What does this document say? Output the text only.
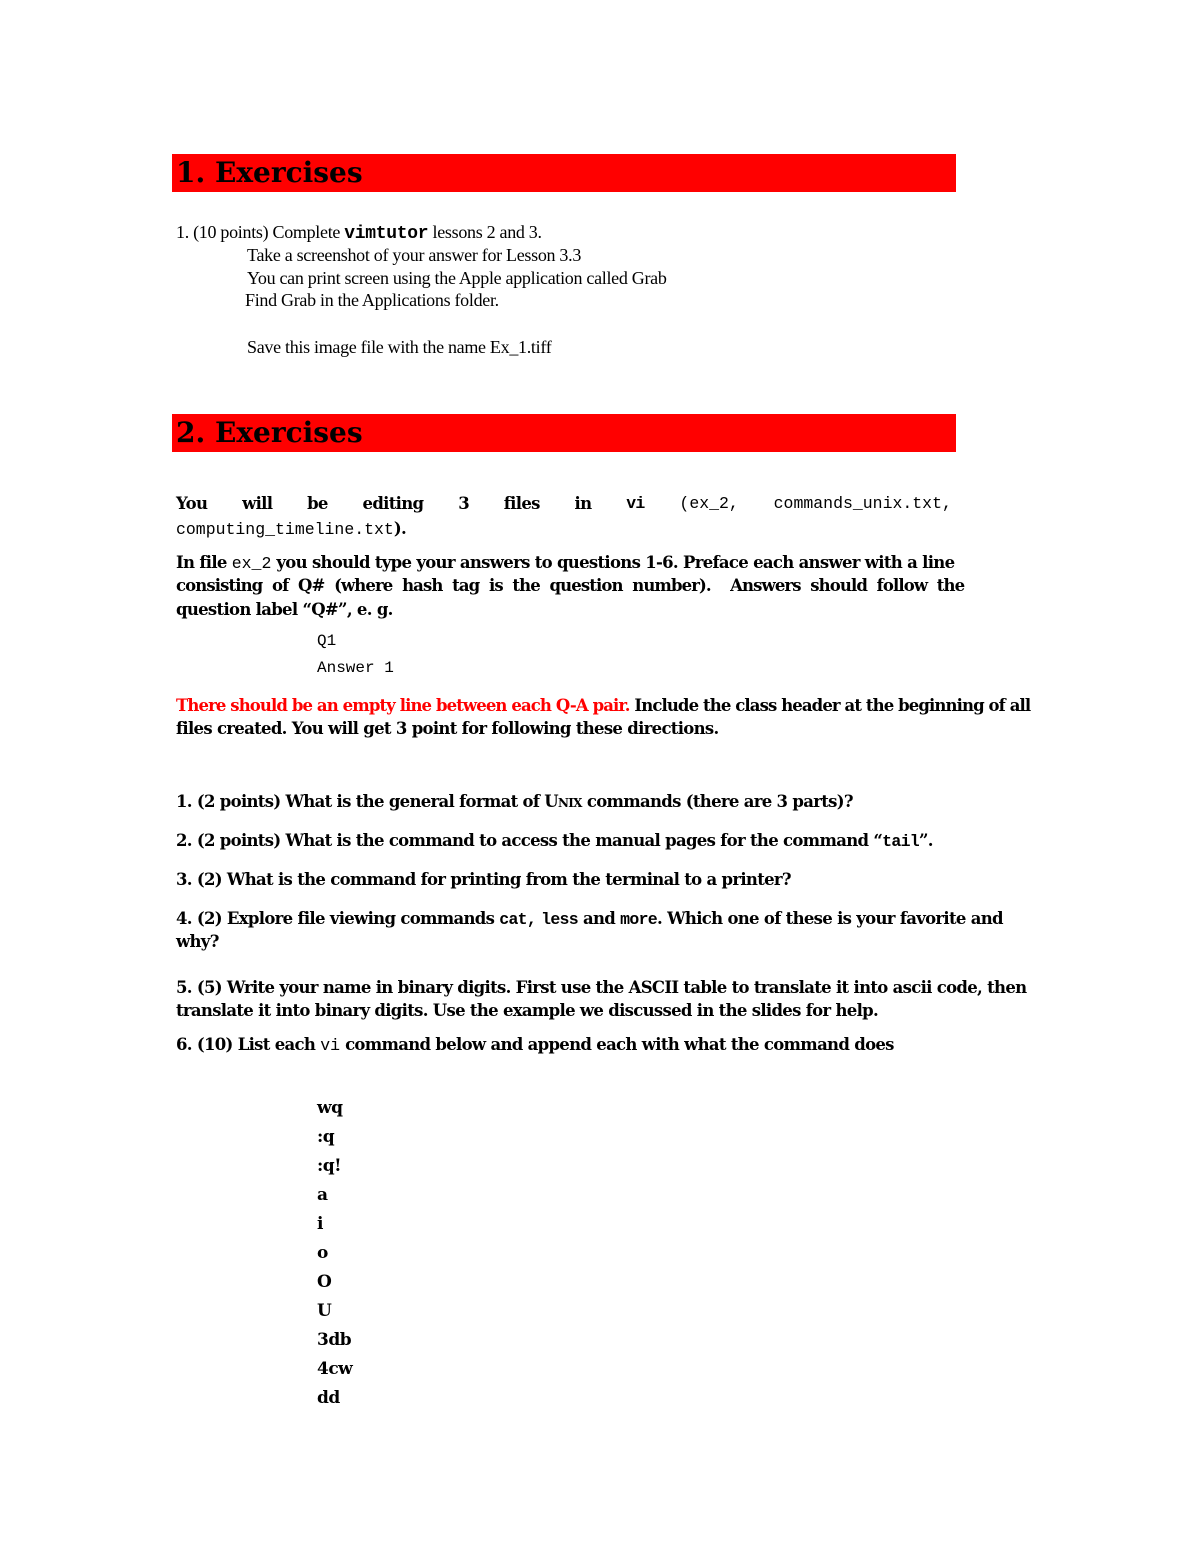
1. Exercises
1. (10 points) Complete vimtutor lessons 2 and 3.
Take a screenshot of your answer for Lesson 3.3
You can print screen using the Apple application called Grab
Find Grab in the Applications folder.
Save this image file with the name Ex_1.tiff
2. Exercises
You will be editing 3 files in vi (ex_2, commands_unix.txt,
computing_timeline.txt).
In file ex_2 you should type your answers to questions 1-6. Preface each answer with a line
consisting  of  Q#  (where  hash  tag  is  the  question  number).    Answers  should  follow  the
question label “Q#”, e. g.
Q1
Answer 1
There should be an empty line between each Q-A pair. Include the class header at the beginning of all
files created. You will get 3 point for following these directions.
1. (2 points) What is the general format of UNIX commands (there are 3 parts)?
2. (2 points) What is the command to access the manual pages for the command “tail”.
3. (2) What is the command for printing from the terminal to a printer?
4. (2) Explore file viewing commands cat, less and more. Which one of these is your favorite and
why?
5. (5) Write your name in binary digits. First use the ASCII table to translate it into ascii code, then
translate it into binary digits. Use the example we discussed in the slides for help.
6. (10) List each vi command below and append each with what the command does
wq
:q
:q!
a
i
o
O
U
3db
4cw
dd
